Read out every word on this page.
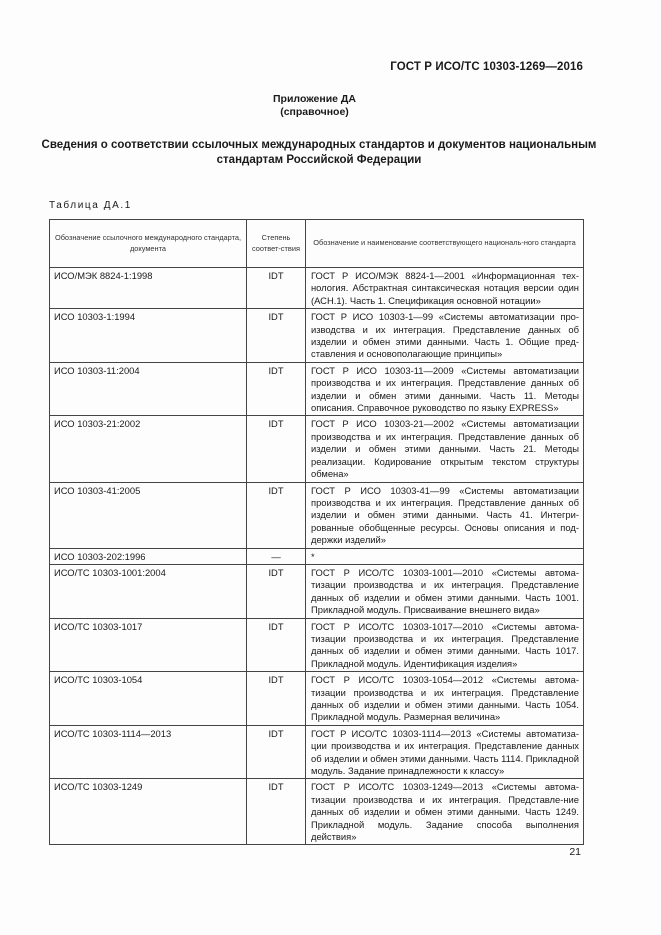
ГОСТ Р ИСО/ТС 10303-1269—2016
Приложение ДА
(справочное)
Сведения о соответствии ссылочных международных стандартов и документов национальным стандартам Российской Федерации
Таблица ДА.1
Обозначение ссылочного международного стандарта, документа	Степень соответ-ствия	Обозначение и наименование соответствующего националь-ного стандарта
ИСО/МЭК 8824-1:1998	IDT	ГОСТ Р ИСО/МЭК 8824-1—2001 «Информационная тех-нология. Абстрактная синтаксическая нотация версии один (АСН.1). Часть 1. Спецификация основной нотации»
ИСО 10303-1:1994	IDT	ГОСТ Р ИСО 10303-1—99 «Системы автоматизации про-изводства и их интеграция. Представление данных об изделии и обмен этими данными. Часть 1. Общие пред-ставления и основополагающие принципы»
ИСО 10303-11:2004	IDT	ГОСТ Р ИСО 10303-11—2009 «Системы автоматизации производства и их интеграция. Представление данных об изделии и обмен этими данными. Часть 11. Методы описания. Справочное руководство по языку EXPRESS»
ИСО 10303-21:2002	IDT	ГОСТ Р ИСО 10303-21—2002 «Системы автоматизации производства и их интеграция. Представление данных об изделии и обмен этими данными. Часть 21. Методы реализации. Кодирование открытым текстом структуры обмена»
ИСО 10303-41:2005	IDT	ГОСТ Р ИСО 10303-41—99 «Системы автоматизации производства и их интеграция. Представление данных об изделии и обмен этими данными. Часть 41. Интегри-рованные обобщенные ресурсы. Основы описания и под-держки изделий»
ИСО 10303-202:1996	—	*
ИСО/ТС 10303-1001:2004	IDT	ГОСТ Р ИСО/ТС 10303-1001—2010 «Системы автома-тизации производства и их интеграция. Представление данных об изделии и обмен этими данными. Часть 1001. Прикладной модуль. Присваивание внешнего вида»
ИСО/ТС 10303-1017	IDT	ГОСТ Р ИСО/ТС 10303-1017—2010 «Системы автома-тизации производства и их интеграция. Представление данных об изделии и обмен этими данными. Часть 1017. Прикладной модуль. Идентификация изделия»
ИСО/ТС 10303-1054	IDT	ГОСТ Р ИСО/ТС 10303-1054—2012 «Системы автома-тизации производства и их интеграция. Представление данных об изделии и обмен этими данными. Часть 1054. Прикладной модуль. Размерная величина»
ИСО/ТС 10303-1114—2013	IDT	ГОСТ Р ИСО/ТС 10303-1114—2013 «Системы автоматиза-ции производства и их интеграция. Представление данных об изделии и обмен этими данными. Часть 1114. Прикладной модуль. Задание принадлежности к классу»
ИСО/ТС 10303-1249	IDT	ГОСТ Р ИСО/ТС 10303-1249—2013 «Системы автома-тизации производства и их интеграция. Представле-ние данных об изделии и обмен этими данными. Часть 1249. Прикладной модуль. Задание способа выполнения действия»
21
